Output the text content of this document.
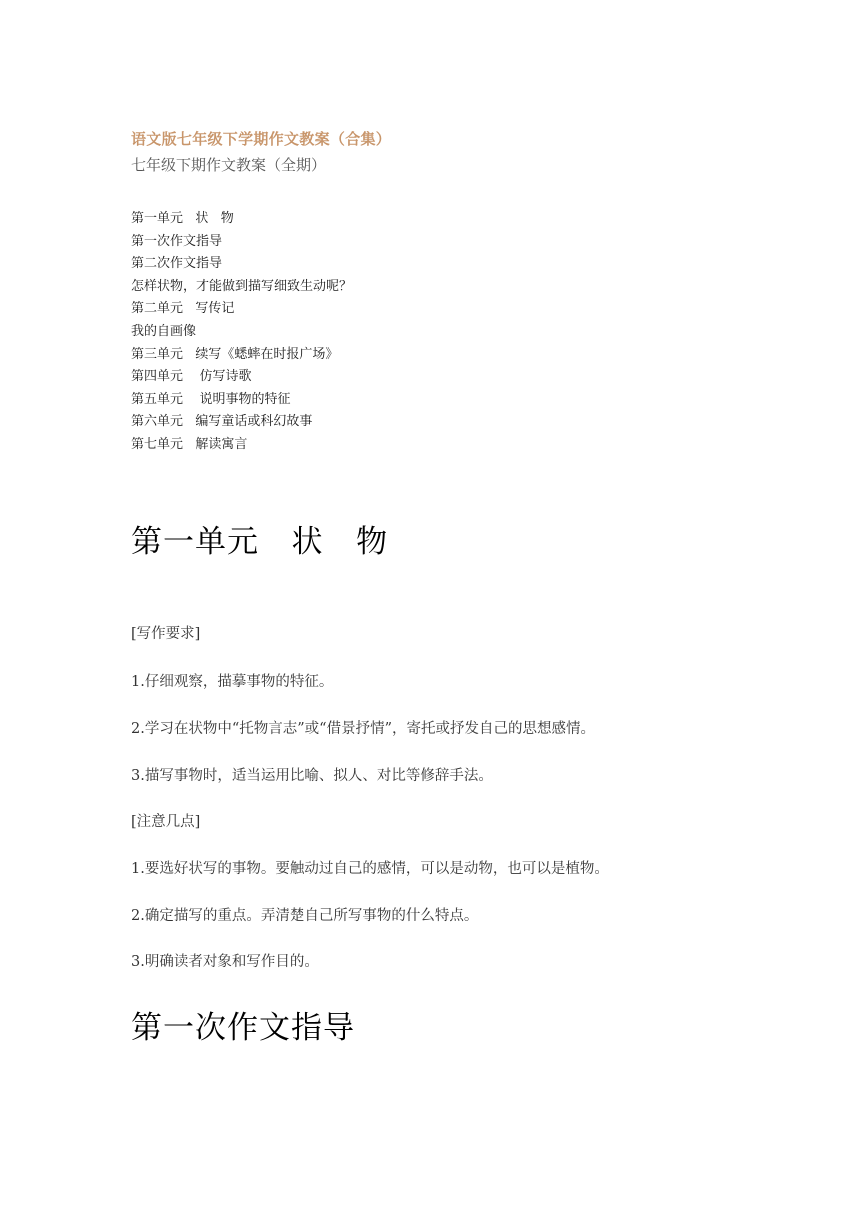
语文版七年级下学期作文教案（合集）
七年级下期作文教案（全期）
第一单元   状   物
第一次作文指导
第二次作文指导
怎样状物，才能做到描写细致生动呢？
第二单元   写传记
我的自画像
第三单元   续写《蟋蟀在时报广场》
第四单元    仿写诗歌
第五单元    说明事物的特征
第六单元   编写童话或科幻故事
第七单元   解读寓言
第一单元   状   物

[写作要求]

1.仔细观察，描摹事物的特征。

2.学习在状物中“托物言志”或“借景抒情”，寄托或抒发自己的思想感情。

3.描写事物时，适当运用比喻、拟人、对比等修辞手法。

[注意几点]

1.要选好状写的事物。要触动过自己的感情，可以是动物，也可以是植物。

2.确定描写的重点。弄清楚自己所写事物的什么特点。

3.明确读者对象和写作目的。

第一次作文指导
